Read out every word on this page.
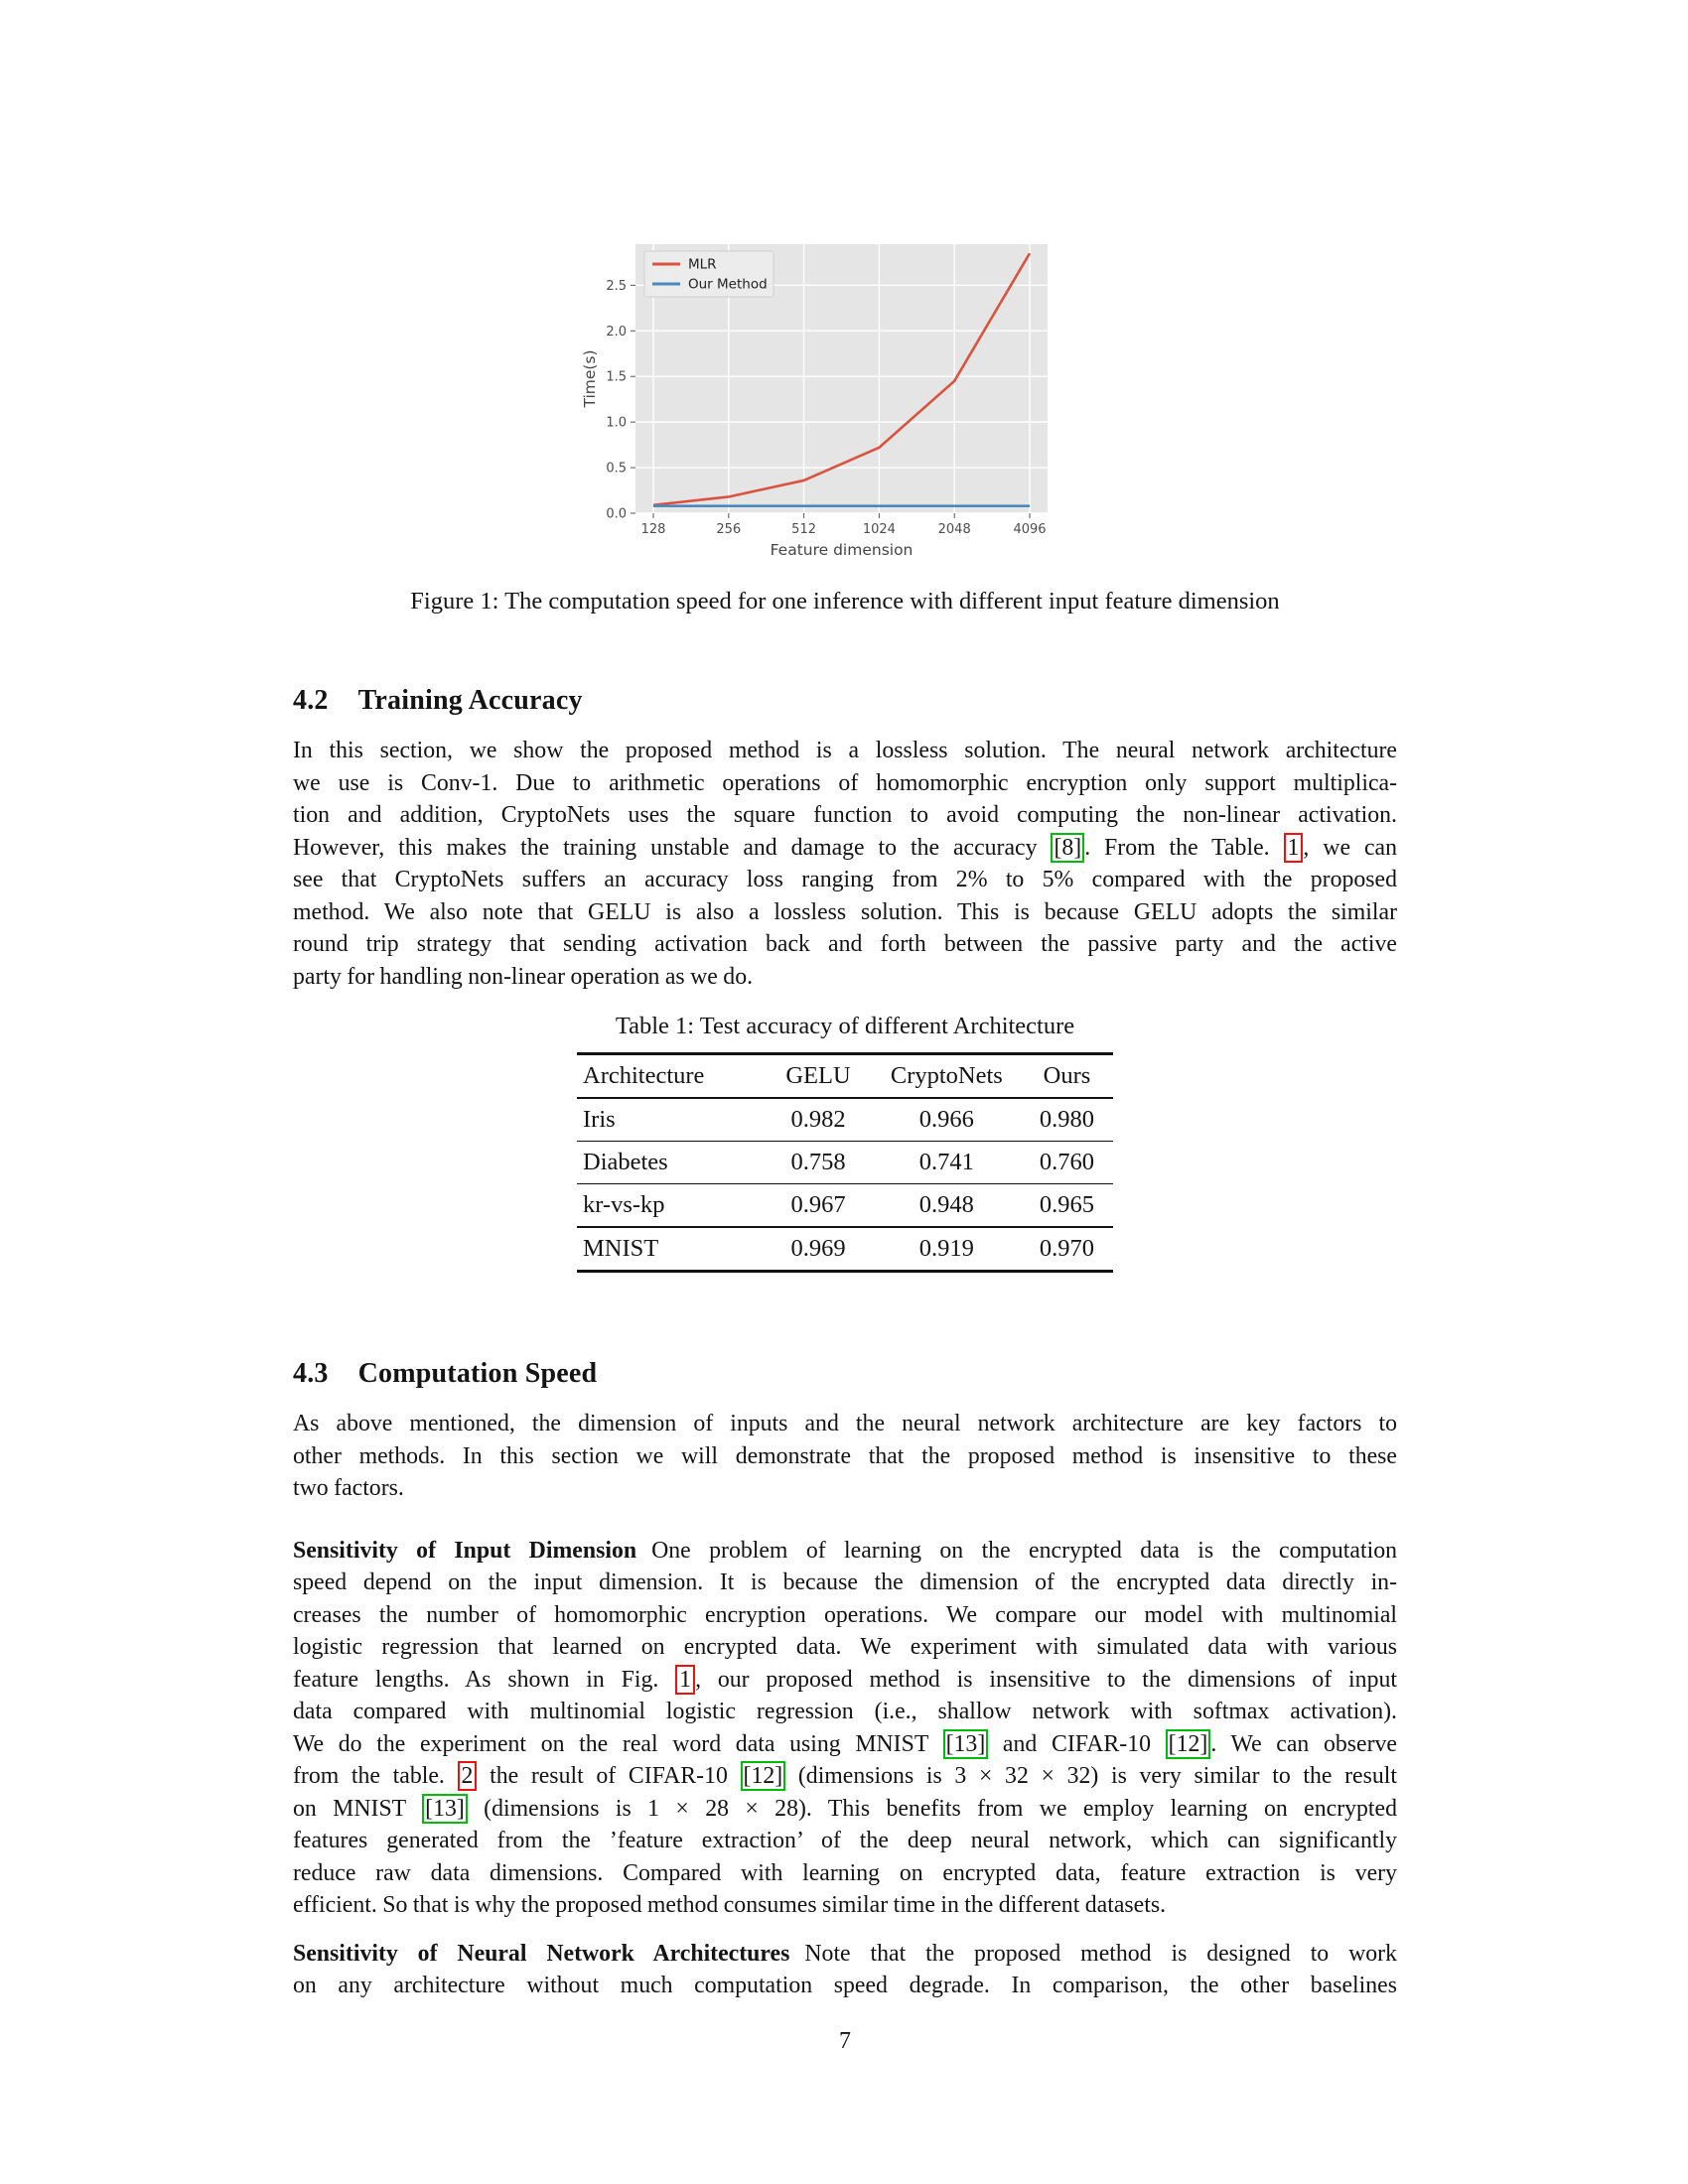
0.0
0.5
1.0
1.5
2.0
2.5
128	256	512	1024	2048	4096
Feature dimension
Time(s)
MLR
Our Method
Figure 1: The computation speed for one inference with different input feature dimension
4.2 Training Accuracy
In this section, we show the proposed method is a lossless solution. The neural network architecture
we use is Conv-1. Due to arithmetic operations of homomorphic encryption only support multiplica-
tion and addition, CryptoNets uses the square function to avoid computing the non-linear activation.
However, this makes the training unstable and damage to the accuracy [8] . From the Table. 1 , we can
see that CryptoNets suffers an accuracy loss ranging from 2% to 5% compared with the proposed
method. We also note that GELU is also a lossless solution. This is because GELU adopts the similar
round trip strategy that sending activation back and forth between the passive party and the active
party for handling non-linear operation as we do.
Table 1: Test accuracy of different Architecture
Architecture	GELU	CryptoNets	Ours
Iris	0.982	0.966	0.980
Diabetes	0.758	0.741	0.760
kr-vs-kp	0.967	0.948	0.965
MNIST	0.969	0.919	0.970
4.3 Computation Speed
As above mentioned, the dimension of inputs and the neural network architecture are key factors to
other methods. In this section we will demonstrate that the proposed method is insensitive to these
two factors.
Sensitivity of Input Dimension One problem of learning on the encrypted data is the computation
speed depend on the input dimension. It is because the dimension of the encrypted data directly in-
creases the number of homomorphic encryption operations. We compare our model with multinomial
logistic regression that learned on encrypted data. We experiment with simulated data with various
feature lengths. As shown in Fig. 1 , our proposed method is insensitive to the dimensions of input
data compared with multinomial logistic regression (i.e., shallow network with softmax activation).
We do the experiment on the real word data using MNIST [13] and CIFAR-10 [12] . We can observe
from the table. 2 the result of CIFAR-10 [12] (dimensions is 3 × 32 × 32) is very similar to the result
on MNIST [13] (dimensions is 1 × 28 × 28). This benefits from we employ learning on encrypted
features generated from the ’feature extraction’ of the deep neural network, which can significantly
reduce raw data dimensions. Compared with learning on encrypted data, feature extraction is very
efficient. So that is why the proposed method consumes similar time in the different datasets.
Sensitivity of Neural Network Architectures Note that the proposed method is designed to work
on any architecture without much computation speed degrade. In comparison, the other baselines
7
